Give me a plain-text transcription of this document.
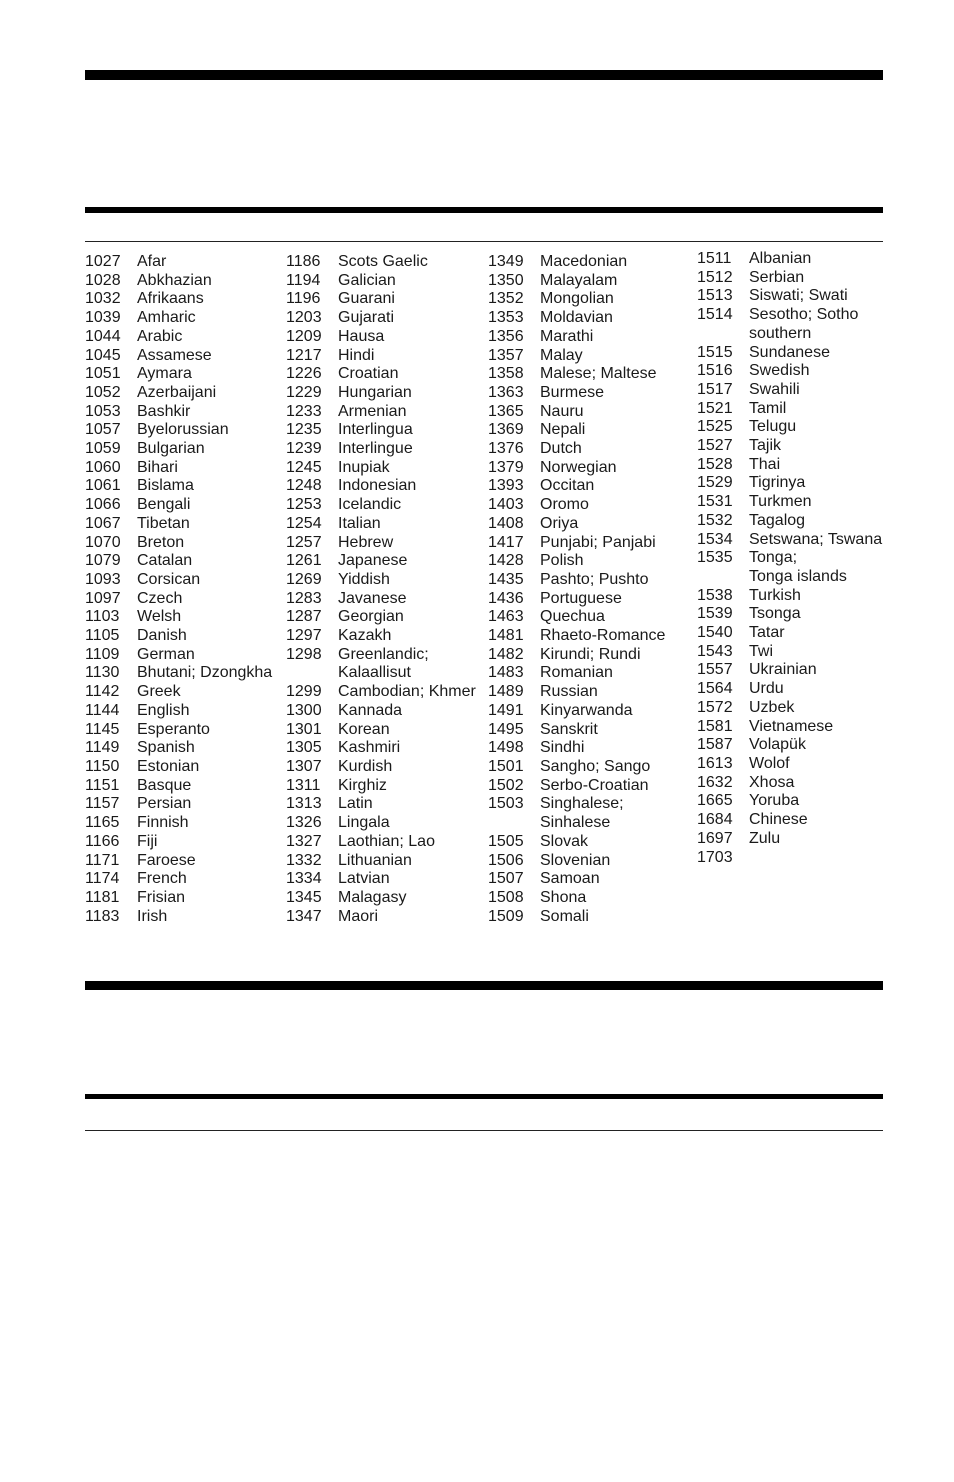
1027	Afar
1028	Abkhazian
1032	Afrikaans
1039	Amharic
1044	Arabic
1045	Assamese
1051	Aymara
1052	Azerbaijani
1053	Bashkir
1057	Byelorussian
1059	Bulgarian
1060	Bihari
1061	Bislama
1066	Bengali
1067	Tibetan
1070	Breton
1079	Catalan
1093	Corsican
1097	Czech
1103	Welsh
1105	Danish
1109	German
1130	Bhutani; Dzongkha
1142	Greek
1144	English
1145	Esperanto
1149	Spanish
1150	Estonian
1151	Basque
1157	Persian
1165	Finnish
1166	Fiji
1171	Faroese
1174	French
1181	Frisian
1183	Irish
1186	Scots Gaelic
1194	Galician
1196	Guarani
1203	Gujarati
1209	Hausa
1217	Hindi
1226	Croatian
1229	Hungarian
1233	Armenian
1235	Interlingua
1239	Interlingue
1245	Inupiak
1248	Indonesian
1253	Icelandic
1254	Italian
1257	Hebrew
1261	Japanese
1269	Yiddish
1283	Javanese
1287	Georgian
1297	Kazakh
1298	Greenlandic;
Kalaallisut
1299	Cambodian; Khmer
1300	Kannada
1301	Korean
1305	Kashmiri
1307	Kurdish
1311	Kirghiz
1313	Latin
1326	Lingala
1327	Laothian; Lao
1332	Lithuanian
1334	Latvian
1345	Malagasy
1347	Maori
1349	Macedonian
1350	Malayalam
1352	Mongolian
1353	Moldavian
1356	Marathi
1357	Malay
1358	Malese; Maltese
1363	Burmese
1365	Nauru
1369	Nepali
1376	Dutch
1379	Norwegian
1393	Occitan
1403	Oromo
1408	Oriya
1417	Punjabi; Panjabi
1428	Polish
1435	Pashto; Pushto
1436	Portuguese
1463	Quechua
1481	Rhaeto-Romance
1482	Kirundi; Rundi
1483	Romanian
1489	Russian
1491	Kinyarwanda
1495	Sanskrit
1498	Sindhi
1501	Sangho; Sango
1502	Serbo-Croatian
1503	Singhalese;
Sinhalese
1505	Slovak
1506	Slovenian
1507	Samoan
1508	Shona
1509	Somali
1511	Albanian
1512	Serbian
1513	Siswati; Swati
1514	Sesotho; Sotho
southern
1515	Sundanese
1516	Swedish
1517	Swahili
1521	Tamil
1525	Telugu
1527	Tajik
1528	Thai
1529	Tigrinya
1531	Turkmen
1532	Tagalog
1534	Setswana; Tswana
1535	Tonga;
Tonga islands
1538	Turkish
1539	Tsonga
1540	Tatar
1543	Twi
1557	Ukrainian
1564	Urdu
1572	Uzbek
1581	Vietnamese
1587	Volapük
1613	Wolof
1632	Xhosa
1665	Yoruba
1684	Chinese
1697	Zulu
1703
